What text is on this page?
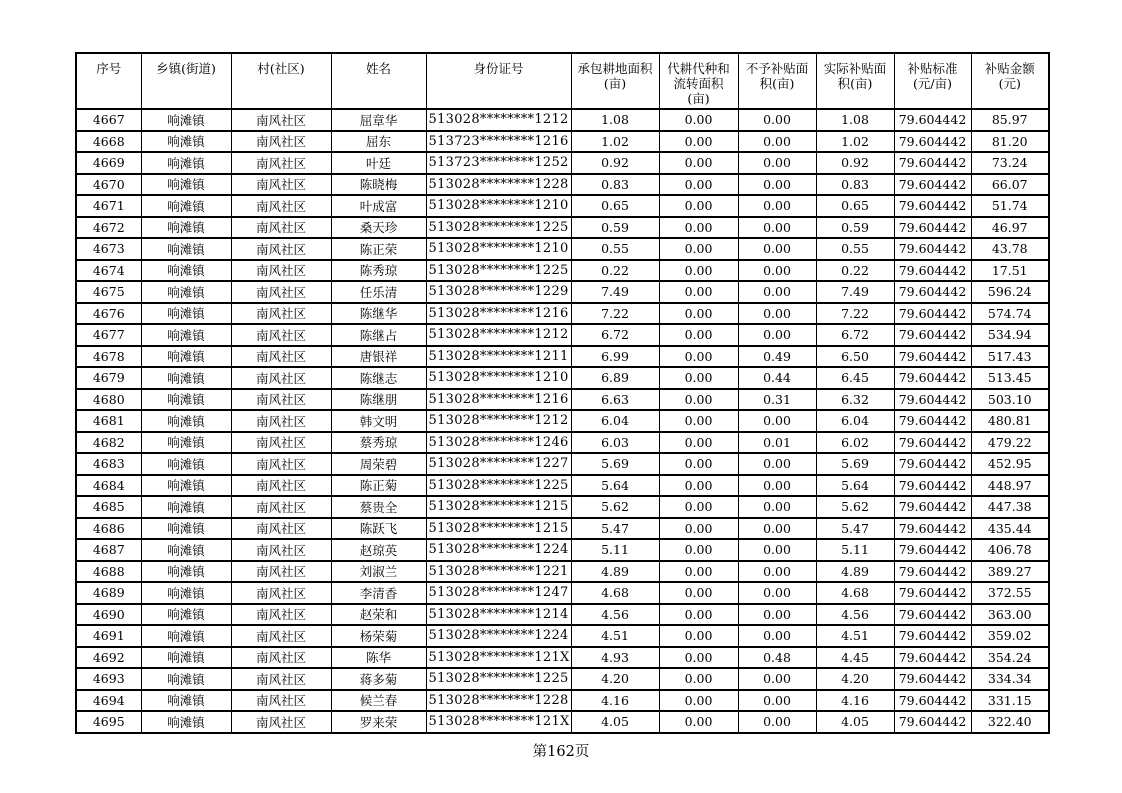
序号	乡镇(街道)	村(社区)	姓名	身份证号	承包耕地面积(亩)	代耕代种和流转面积(亩)	不予补贴面积(亩)	实际补贴面积(亩)	补贴标准(元/亩)	补贴金额(元)
4667	响滩镇	南风社区	屈章华	513028********1212	1.08	0.00	0.00	1.08	79.604442	85.97
4668	响滩镇	南风社区	屈东	513723********1216	1.02	0.00	0.00	1.02	79.604442	81.20
4669	响滩镇	南风社区	叶廷	513723********1252	0.92	0.00	0.00	0.92	79.604442	73.24
4670	响滩镇	南风社区	陈晓梅	513028********1228	0.83	0.00	0.00	0.83	79.604442	66.07
4671	响滩镇	南风社区	叶成富	513028********1210	0.65	0.00	0.00	0.65	79.604442	51.74
4672	响滩镇	南风社区	桑天珍	513028********1225	0.59	0.00	0.00	0.59	79.604442	46.97
4673	响滩镇	南风社区	陈正荣	513028********1210	0.55	0.00	0.00	0.55	79.604442	43.78
4674	响滩镇	南风社区	陈秀琼	513028********1225	0.22	0.00	0.00	0.22	79.604442	17.51
4675	响滩镇	南风社区	任乐清	513028********1229	7.49	0.00	0.00	7.49	79.604442	596.24
4676	响滩镇	南风社区	陈继华	513028********1216	7.22	0.00	0.00	7.22	79.604442	574.74
4677	响滩镇	南风社区	陈继占	513028********1212	6.72	0.00	0.00	6.72	79.604442	534.94
4678	响滩镇	南风社区	唐银祥	513028********1211	6.99	0.00	0.49	6.50	79.604442	517.43
4679	响滩镇	南风社区	陈继志	513028********1210	6.89	0.00	0.44	6.45	79.604442	513.45
4680	响滩镇	南风社区	陈继朋	513028********1216	6.63	0.00	0.31	6.32	79.604442	503.10
4681	响滩镇	南风社区	韩文明	513028********1212	6.04	0.00	0.00	6.04	79.604442	480.81
4682	响滩镇	南风社区	蔡秀琼	513028********1246	6.03	0.00	0.01	6.02	79.604442	479.22
4683	响滩镇	南风社区	周荣碧	513028********1227	5.69	0.00	0.00	5.69	79.604442	452.95
4684	响滩镇	南风社区	陈正菊	513028********1225	5.64	0.00	0.00	5.64	79.604442	448.97
4685	响滩镇	南风社区	蔡贵全	513028********1215	5.62	0.00	0.00	5.62	79.604442	447.38
4686	响滩镇	南风社区	陈跃飞	513028********1215	5.47	0.00	0.00	5.47	79.604442	435.44
4687	响滩镇	南风社区	赵琼英	513028********1224	5.11	0.00	0.00	5.11	79.604442	406.78
4688	响滩镇	南风社区	刘淑兰	513028********1221	4.89	0.00	0.00	4.89	79.604442	389.27
4689	响滩镇	南风社区	李清香	513028********1247	4.68	0.00	0.00	4.68	79.604442	372.55
4690	响滩镇	南风社区	赵荣和	513028********1214	4.56	0.00	0.00	4.56	79.604442	363.00
4691	响滩镇	南风社区	杨荣菊	513028********1224	4.51	0.00	0.00	4.51	79.604442	359.02
4692	响滩镇	南风社区	陈华	513028********121X	4.93	0.00	0.48	4.45	79.604442	354.24
4693	响滩镇	南风社区	蒋多菊	513028********1225	4.20	0.00	0.00	4.20	79.604442	334.34
4694	响滩镇	南风社区	候兰春	513028********1228	4.16	0.00	0.00	4.16	79.604442	331.15
4695	响滩镇	南风社区	罗来荣	513028********121X	4.05	0.00	0.00	4.05	79.604442	322.40
第162页
